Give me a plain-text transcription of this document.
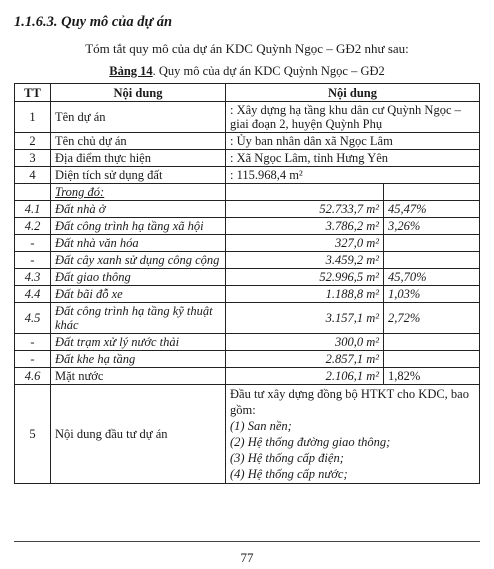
1.1.6.3. Quy mô của dự án
Tóm tắt quy mô của dự án KDC Quỳnh Ngọc – GĐ2 như sau:
Bảng 14. Quy mô của dự án KDC Quỳnh Ngọc – GĐ2
TT	Nội dung	Nội dung	
1	Tên dự án	: Xây dựng hạ tầng khu dân cư Quỳnh Ngọc – giai đoạn 2, huyện Quỳnh Phụ	
2	Tên chủ dự án	: Ủy ban nhân dân xã Ngọc Lâm	
3	Địa điểm thực hiện	: Xã Ngọc Lâm, tỉnh Hưng Yên	
4	Diện tích sử dụng đất	: 115.968,4 m²	
	Trong đó:		
4.1	Đất nhà ở	52.733,7 m²	45,47%
4.2	Đất công trình hạ tầng xã hội	3.786,2 m²	3,26%
-	Đất nhà văn hóa	327,0 m²	
-	Đất cây xanh sử dụng công cộng	3.459,2 m²	
4.3	Đất giao thông	52.996,5 m²	45,70%
4.4	Đất bãi đỗ xe	1.188,8 m²	1,03%
4.5	Đất công trình hạ tầng kỹ thuật khác	3.157,1 m²	2,72%
-	Đất trạm xử lý nước thải	300,0 m²	
-	Đất khe hạ tầng	2.857,1 m²	
4.6	Mặt nước	2.106,1 m²	1,82%
5	Nội dung đầu tư dự án	Đầu tư xây dựng đồng bộ HTKT cho KDC, bao gồm:
(1) San nền;
(2) Hệ thống đường giao thông;
(3) Hệ thống cấp điện;
(4) Hệ thống cấp nước;	
77
